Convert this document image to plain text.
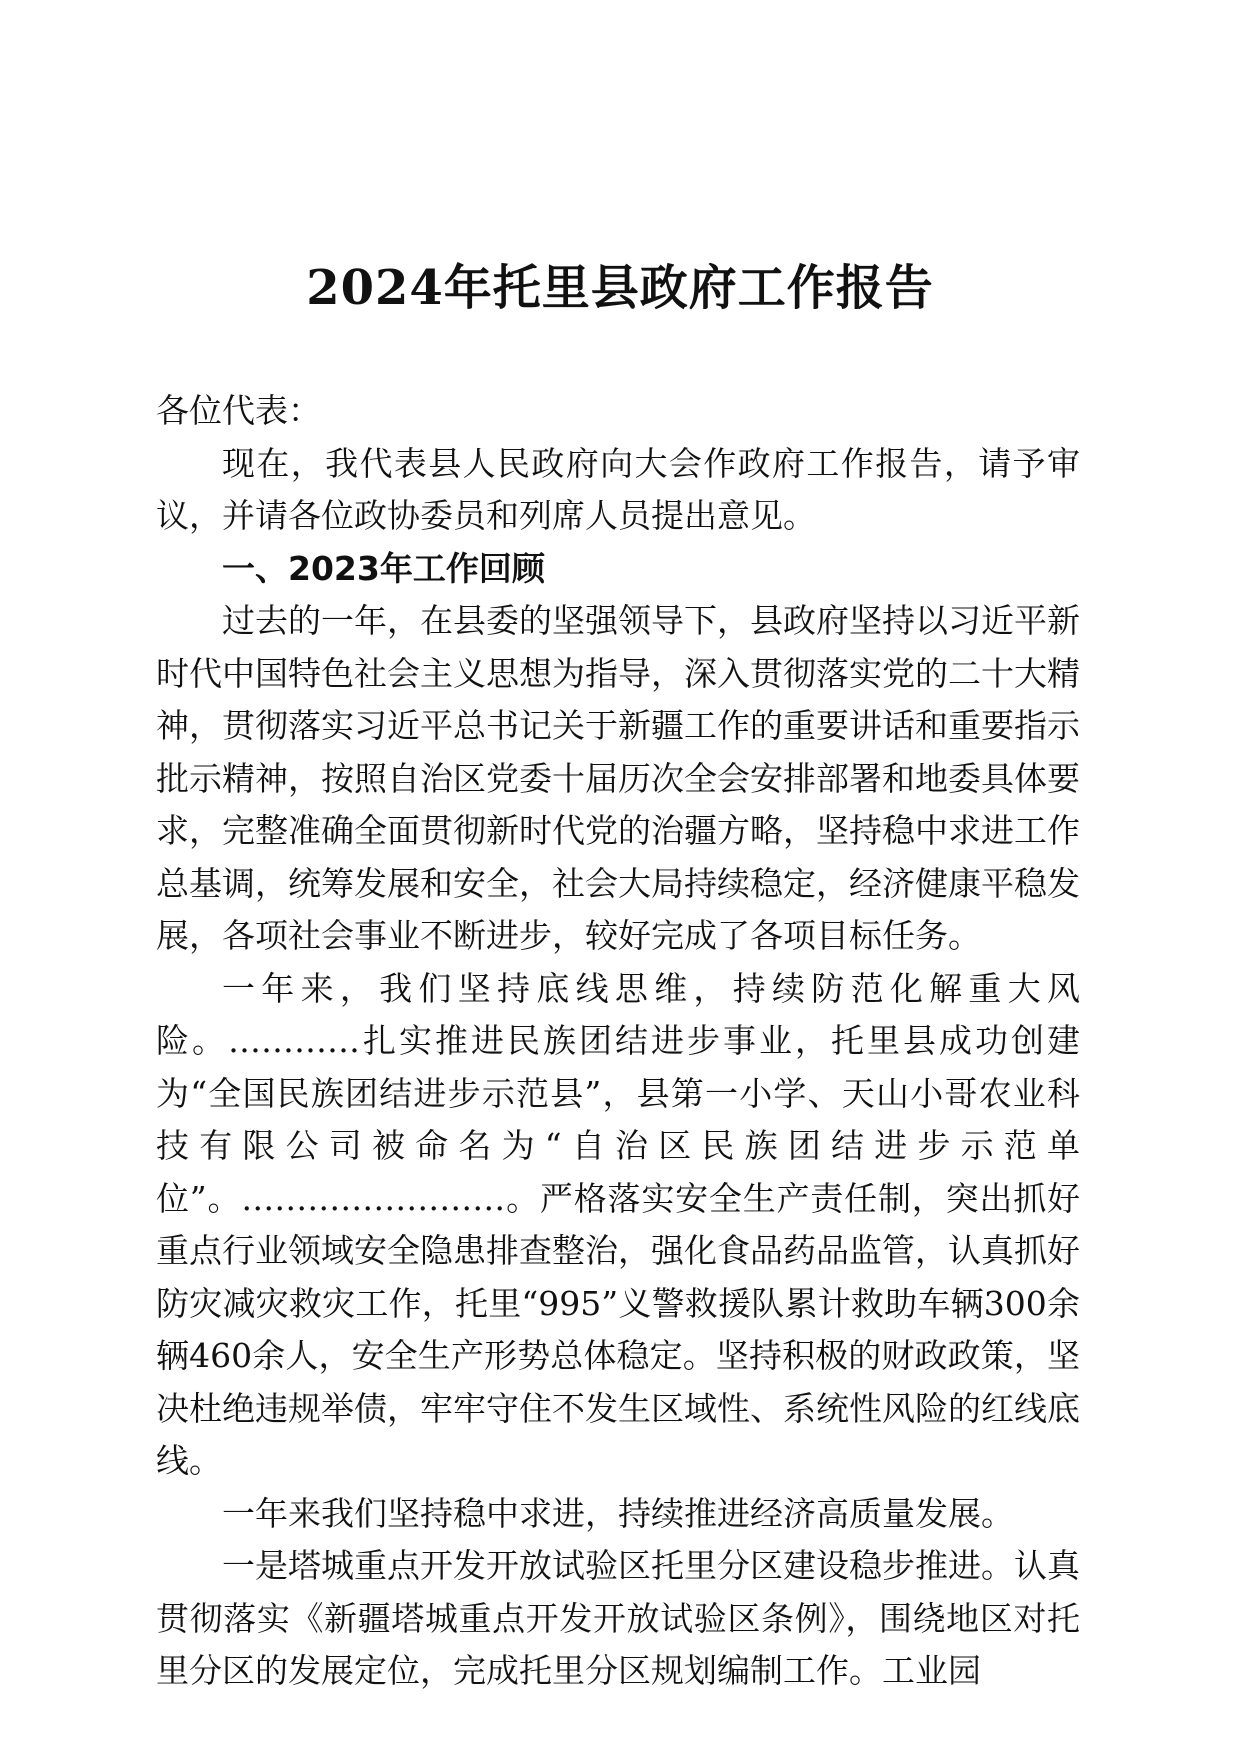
2024年托里县政府工作报告

各位代表：

现在，我代表县人民政府向大会作政府工作报告，请予审议，并请各位政协委员和列席人员提出意见。

一、2023年工作回顾

过去的一年，在县委的坚强领导下，县政府坚持以习近平新时代中国特色社会主义思想为指导，深入贯彻落实党的二十大精神，贯彻落实习近平总书记关于新疆工作的重要讲话和重要指示批示精神，按照自治区党委十届历次全会安排部署和地委具体要求，完整准确全面贯彻新时代党的治疆方略，坚持稳中求进工作总基调，统筹发展和安全，社会大局持续稳定，经济健康平稳发展，各项社会事业不断进步，较好完成了各项目标任务。

一年来，我们坚持底线思维，持续防范化解重大风险。…………扎实推进民族团结进步事业，托里县成功创建为“全国民族团结进步示范县”，县第一小学、天山小哥农业科技有限公司被命名为“自治区民族团结进步示范单位”。……………………。严格落实安全生产责任制，突出抓好重点行业领域安全隐患排查整治，强化食品药品监管，认真抓好防灾减灾救灾工作，托里“995”义警救援队累计救助车辆300余辆460余人，安全生产形势总体稳定。坚持积极的财政政策，坚决杜绝违规举债，牢牢守住不发生区域性、系统性风险的红线底线。

一年来我们坚持稳中求进，持续推进经济高质量发展。

一是塔城重点开发开放试验区托里分区建设稳步推进。认真贯彻落实《新疆塔城重点开发开放试验区条例》，围绕地区对托里分区的发展定位，完成托里分区规划编制工作。工业园
